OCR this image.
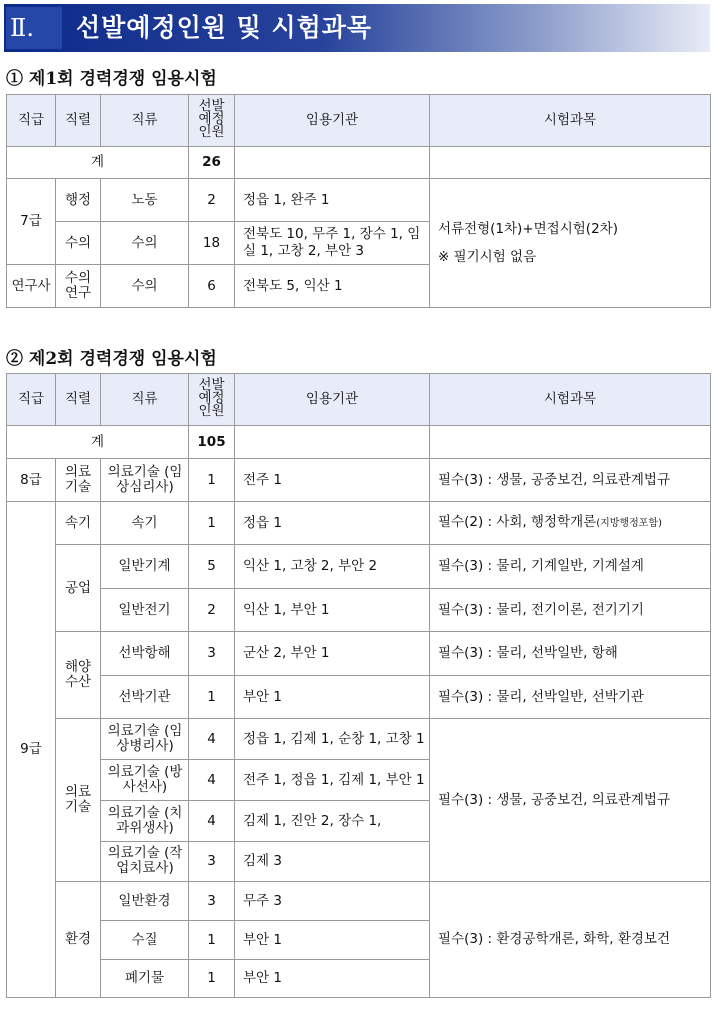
Ⅱ.	선발예정인원 및 시험과목
① 제1회 경력경쟁 임용시험
직급	직렬	직류	선발 예정 인원	임용기관	시험과목
계			26		
7급	행정	노동	2	정읍 1, 완주 1	서류전형(1차)+면접시험(2차)
※ 필기시험 없음

	수의	수의	18	전북도 10, 무주 1, 장수 1, 임실 1, 고창 2, 부안 3	
연구사	수의연구	수의	6	전북도 5, 익산 1	
② 제2회 경력경쟁 임용시험
직급	직렬	직류	선발 예정 인원	임용기관	시험과목
계			105		
8급	의료기술	의료기술 (임상심리사)	1	전주 1	필수(3) : 생물, 공중보건, 의료관계법규
9급	속기	속기	1	정읍 1	필수(2) : 사회, 행정학개론(지방행정포함)
	공업	일반기계	5	익산 1, 고창 2, 부안 2	필수(3) : 물리, 기계일반, 기계설계
		일반전기	2	익산 1, 부안 1	필수(3) : 물리, 전기이론, 전기기기
	해양수산	선박항해	3	군산 2, 부안 1	필수(3) : 물리, 선박일반, 항해
		선박기관	1	부안 1	필수(3) : 물리, 선박일반, 선박기관
	의료기술	의료기술 (임상병리사)	4	정읍 1, 김제 1, 순창 1, 고창 1	필수(3) : 생물, 공중보건, 의료관계법규
		의료기술 (방사선사)	4	전주 1, 정읍 1, 김제 1, 부안 1	
		의료기술 (치과위생사)	4	김제 1, 진안 2, 장수 1,	
		의료기술 (작업치료사)	3	김제 3	
	환경	일반환경	3	무주 3	필수(3) : 환경공학개론, 화학, 환경보건
		수질	1	부안 1	
		폐기물	1	부안 1	
